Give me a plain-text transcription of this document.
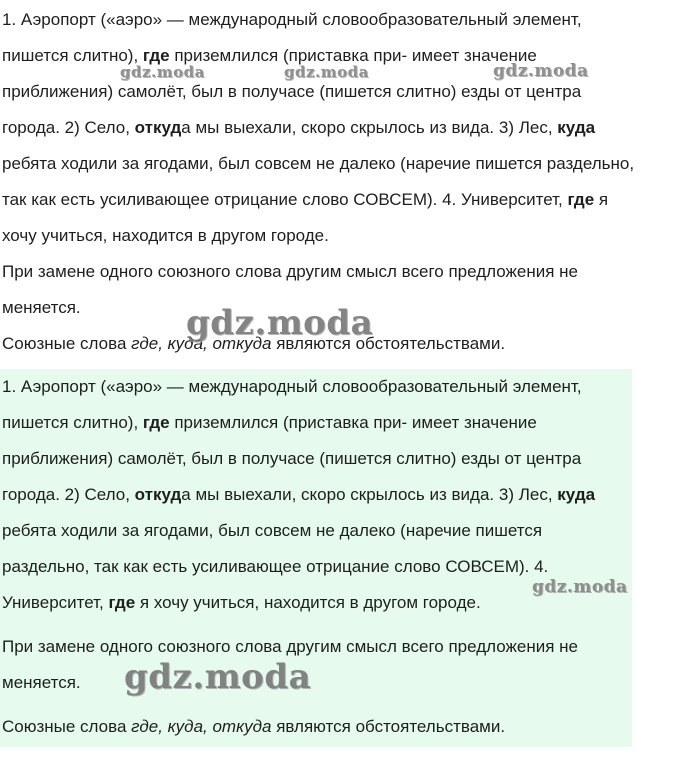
1. Аэропорт («аэро» — международный словообразовательный элемент, пишется слитно), где приземлился (приставка при- имеет значение приближения) самолёт, был в получасе (пишется слитно) езды от центра города. 2) Село, откуда мы выехали, скоро скрылось из вида. 3) Лес, куда ребята ходили за ягодами, был совсем не далеко (наречие пишется раздельно, так как есть усиливающее отрицание слово СОВСЕМ). 4. Университет, где я хочу учиться, находится в другом городе.

При замене одного союзного слова другим смысл всего предложения не меняется.

Союзные слова где, куда, откуда являются обстоятельствами.

1. Аэропорт («аэро» — международный словообразовательный элемент, пишется слитно), где приземлился (приставка при- имеет значение приближения) самолёт, был в получасе (пишется слитно) езды от центра города. 2) Село, откуда мы выехали, скоро скрылось из вида. 3) Лес, куда ребята ходили за ягодами, был совсем не далеко (наречие пишется раздельно, так как есть усиливающее отрицание слово СОВСЕМ). 4. Университет, где я хочу учиться, находится в другом городе.

При замене одного союзного слова другим смысл всего предложения не меняется.

Союзные слова где, куда, откуда являются обстоятельствами.

gdz.moda	gdz.moda	gdz.moda
gdz.moda
gdz.moda
gdz.moda
